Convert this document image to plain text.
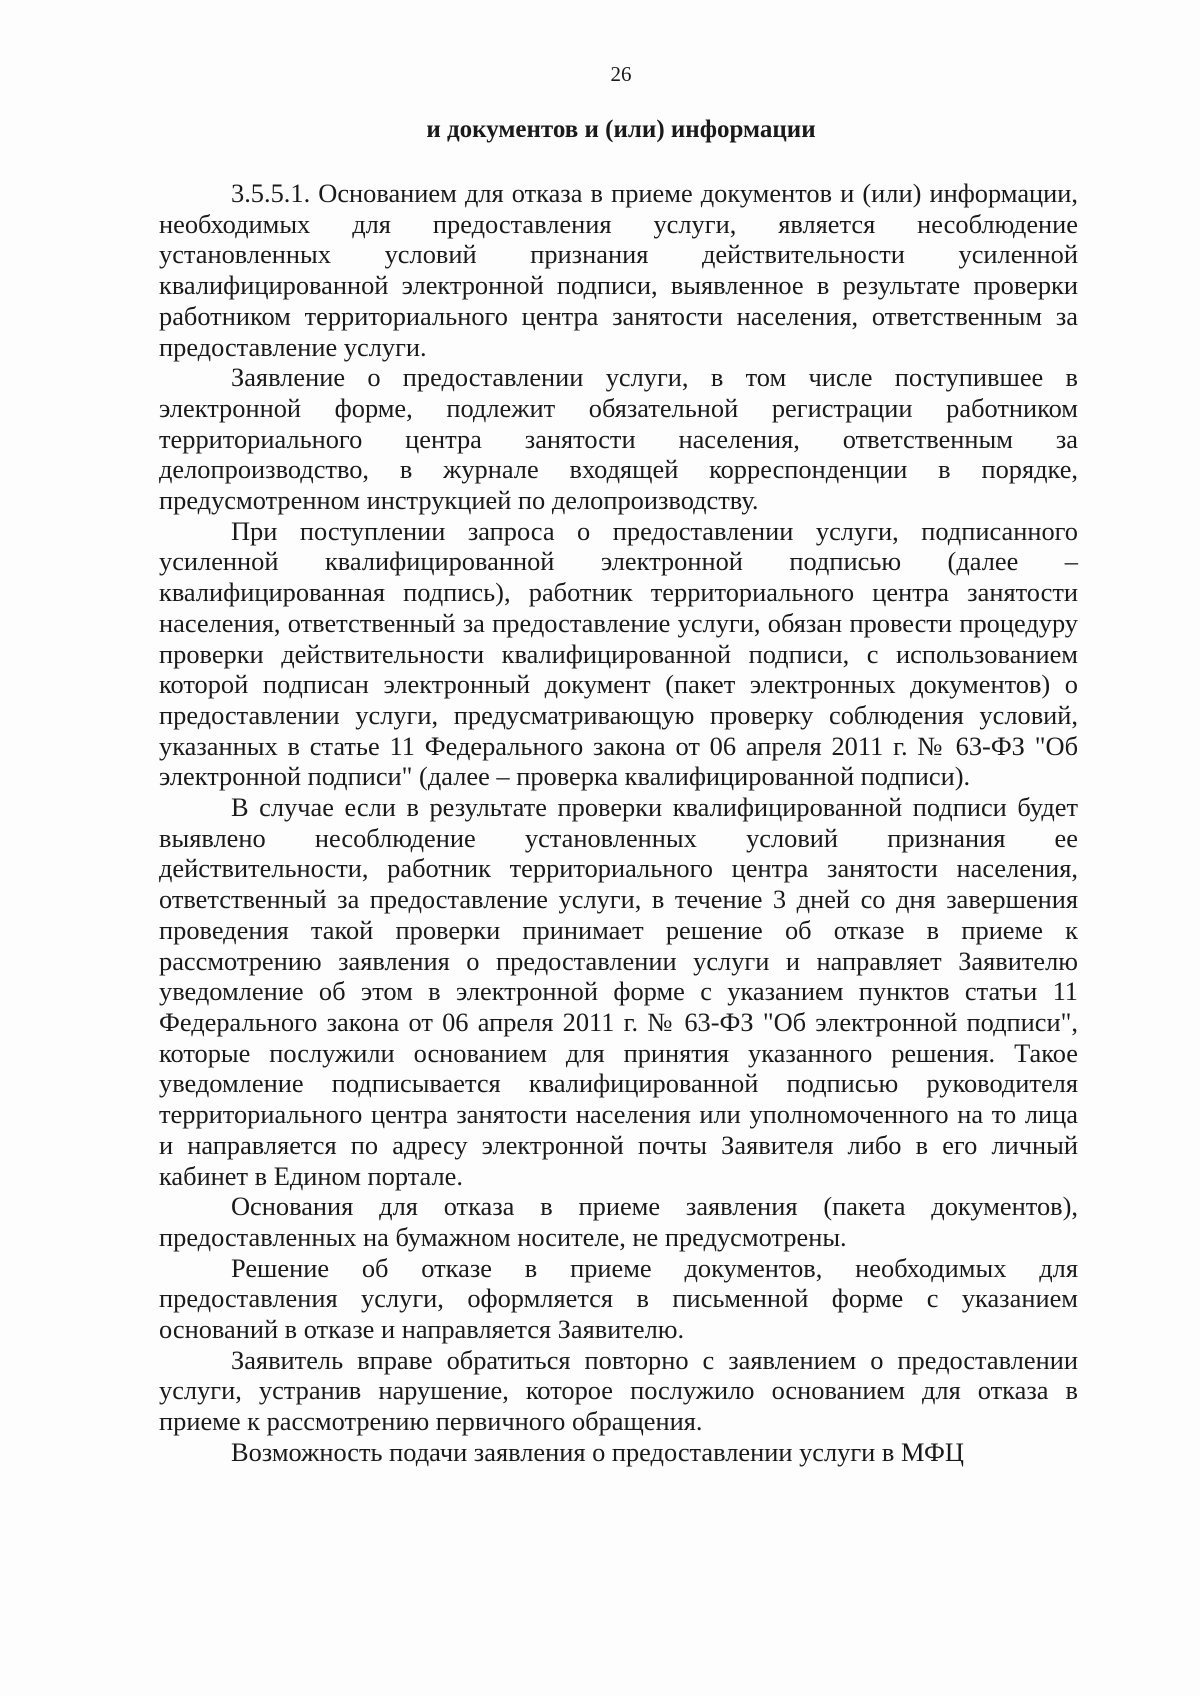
26
и документов и (или) информации

3.5.5.1. Основанием для отказа в приеме документов и (или) информации, необходимых для предоставления услуги, является несоблюдение установленных условий признания действительности усиленной квалифицированной электронной подписи, выявленное в результате проверки работником территориального центра занятости населения, ответственным за предоставление услуги.

Заявление о предоставлении услуги, в том числе поступившее в электронной форме, подлежит обязательной регистрации работником территориального центра занятости населения, ответственным за делопроизводство, в журнале входящей корреспонденции в порядке, предусмотренном инструкцией по делопроизводству.

При поступлении запроса о предоставлении услуги, подписанного усиленной квалифицированной электронной подписью (далее – квалифицированная подпись), работник территориального центра занятости населения, ответственный за предоставление услуги, обязан провести процедуру проверки действительности квалифицированной подписи, с использованием которой подписан электронный документ (пакет электронных документов) о предоставлении услуги, предусматривающую проверку соблюдения условий, указанных в статье 11 Федерального закона от 06 апреля 2011 г. № 63-ФЗ "Об электронной подписи" (далее – проверка квалифицированной подписи).

В случае если в результате проверки квалифицированной подписи будет выявлено несоблюдение установленных условий признания ее действительности, работник территориального центра занятости населения, ответственный за предоставление услуги, в течение 3 дней со дня завершения проведения такой проверки принимает решение об отказе в приеме к рассмотрению заявления о предоставлении услуги и направляет Заявителю уведомление об этом в электронной форме с указанием пунктов статьи 11 Федерального закона от 06 апреля 2011 г. № 63-ФЗ "Об электронной подписи", которые послужили основанием для принятия указанного решения. Такое уведомление подписывается квалифицированной подписью руководителя территориального центра занятости населения или уполномоченного на то лица и направляется по адресу электронной почты Заявителя либо в его личный кабинет в Едином портале.

Основания для отказа в приеме заявления (пакета документов), предоставленных на бумажном носителе, не предусмотрены.

Решение об отказе в приеме документов, необходимых для предоставления услуги, оформляется в письменной форме с указанием оснований в отказе и направляется Заявителю.

Заявитель вправе обратиться повторно с заявлением о предоставлении услуги, устранив нарушение, которое послужило основанием для отказа в приеме к рассмотрению первичного обращения.

Возможность подачи заявления о предоставлении услуги в МФЦ
